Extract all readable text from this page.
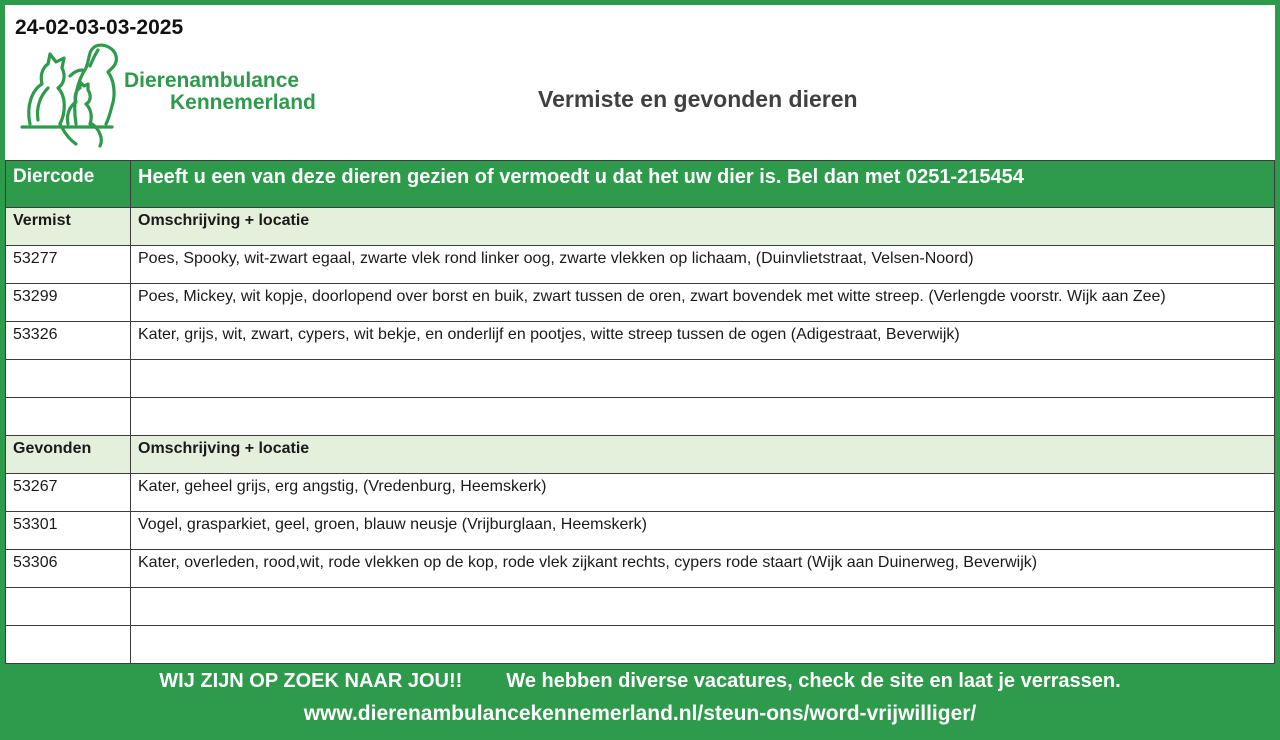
24-02-03-03-2025
Dierenambulance
Kennemerland	Vermiste en gevonden dieren
Diercode	Heeft u een van deze dieren gezien of vermoedt u dat het uw dier is. Bel dan met 0251-215454
Vermist	Omschrijving + locatie
53277	Poes, Spooky, wit-zwart egaal, zwarte vlek rond linker oog, zwarte vlekken op lichaam, (Duinvlietstraat, Velsen-Noord)
53299	Poes, Mickey, wit kopje, doorlopend over borst en buik, zwart tussen de oren, zwart bovendek met witte streep. (Verlengde voorstr. Wijk aan Zee)
53326	Kater, grijs, wit, zwart, cypers, wit bekje, en onderlijf en pootjes, witte streep tussen de ogen (Adigestraat, Beverwijk)

Gevonden	Omschrijving + locatie
53267	Kater, geheel grijs, erg angstig, (Vredenburg, Heemskerk)
53301	Vogel, grasparkiet, geel, groen, blauw neusje (Vrijburglaan, Heemskerk)
53306	Kater, overleden, rood,wit, rode vlekken op de kop, rode vlek zijkant rechts, cypers rode staart (Wijk aan Duinerweg, Beverwijk)

WIJ ZIJN OP ZOEK NAAR JOU!! We hebben diverse vacatures, check de site en laat je verrassen.
www.dierenambulancekennemerland.nl/steun-ons/word-vrijwilliger/
